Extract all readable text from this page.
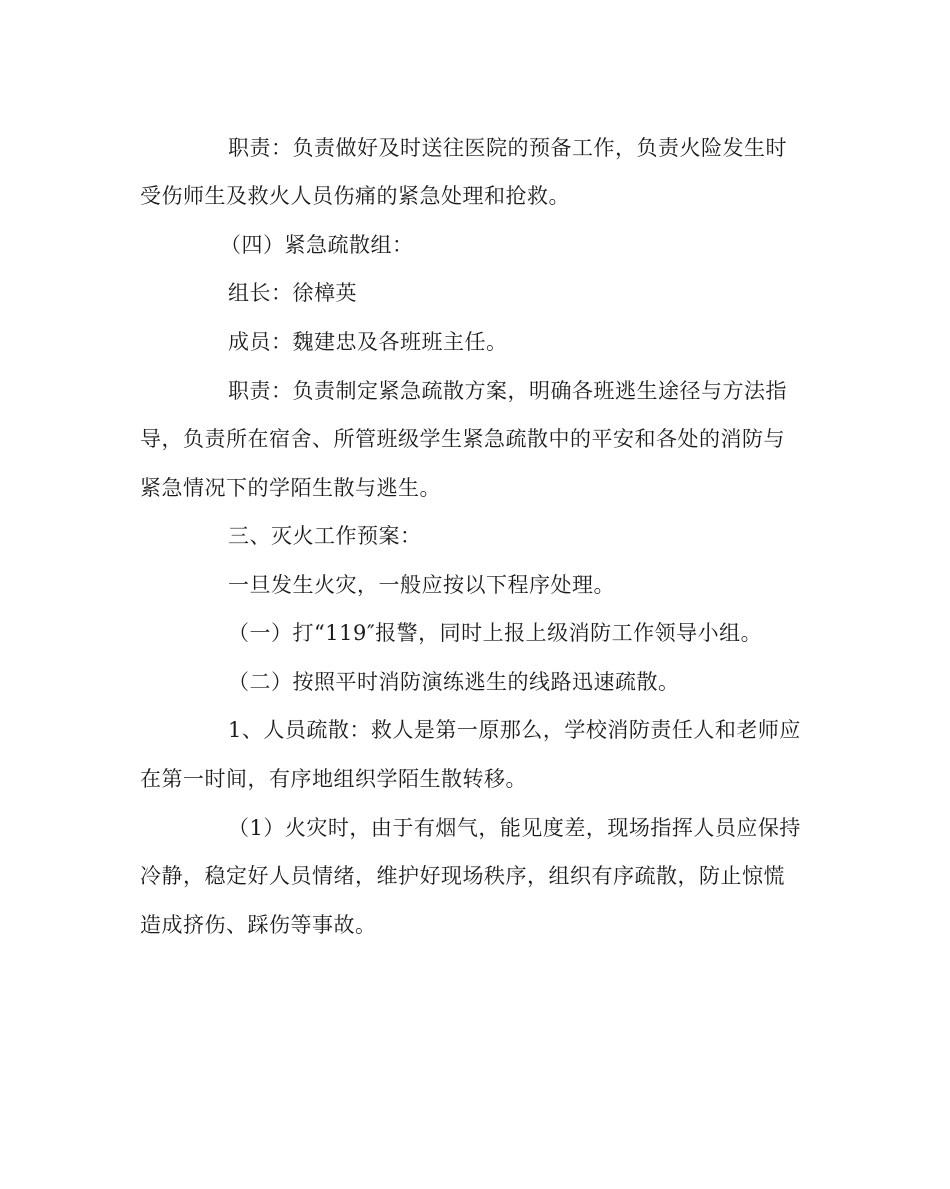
职责：负责做好及时送往医院的预备工作，负责火险发生时
受伤师生及救火人员伤痛的紧急处理和抢救。
（四）紧急疏散组：
组长：徐樟英
成员：魏建忠及各班班主任。
职责：负责制定紧急疏散方案，明确各班逃生途径与方法指
导，负责所在宿舍、所管班级学生紧急疏散中的平安和各处的消防与
紧急情况下的学陌生散与逃生。
三、灭火工作预案：
一旦发生火灾，一般应按以下程序处理。
（一）打“119″报警，同时上报上级消防工作领导小组。
（二）按照平时消防演练逃生的线路迅速疏散。
1、人员疏散：救人是第一原那么，学校消防责任人和老师应
在第一时间，有序地组织学陌生散转移。
（1）火灾时，由于有烟气，能见度差，现场指挥人员应保持
冷静，稳定好人员情绪，维护好现场秩序，组织有序疏散，防止惊慌
造成挤伤、踩伤等事故。
